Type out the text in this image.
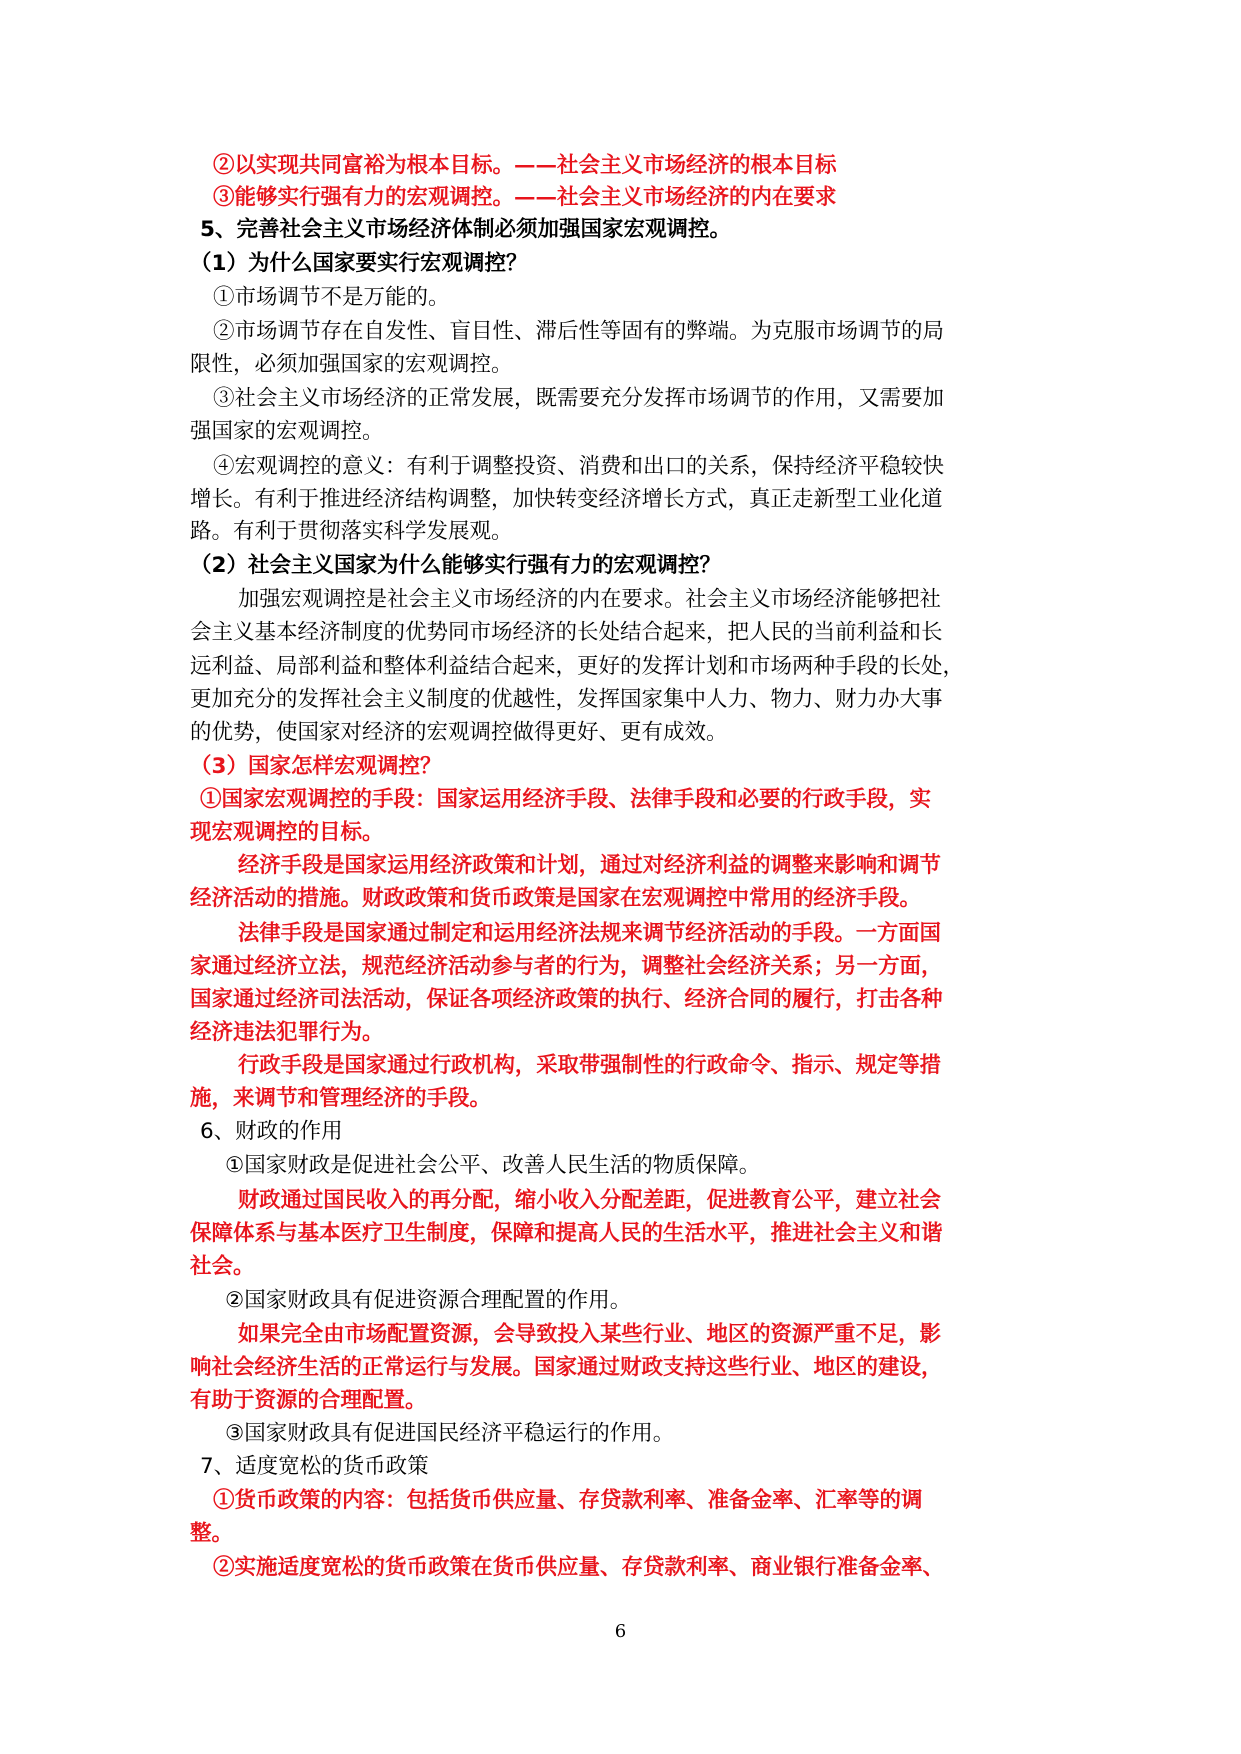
②以实现共同富裕为根本目标。——社会主义市场经济的根本目标

③能够实行强有力的宏观调控。——社会主义市场经济的内在要求

5、完善社会主义市场经济体制必须加强国家宏观调控。

（1）为什么国家要实行宏观调控？

①市场调节不是万能的。

②市场调节存在自发性、盲目性、滞后性等固有的弊端。为克服市场调节的局

限性，必须加强国家的宏观调控。

③社会主义市场经济的正常发展，既需要充分发挥市场调节的作用，又需要加

强国家的宏观调控。

④宏观调控的意义：有利于调整投资、消费和出口的关系，保持经济平稳较快

增长。有利于推进经济结构调整，加快转变经济增长方式，真正走新型工业化道

路。有利于贯彻落实科学发展观。

（2）社会主义国家为什么能够实行强有力的宏观调控？

加强宏观调控是社会主义市场经济的内在要求。社会主义市场经济能够把社

会主义基本经济制度的优势同市场经济的长处结合起来，把人民的当前利益和长

远利益、局部利益和整体利益结合起来，更好的发挥计划和市场两种手段的长处，

更加充分的发挥社会主义制度的优越性，发挥国家集中人力、物力、财力办大事

的优势，使国家对经济的宏观调控做得更好、更有成效。

（3）国家怎样宏观调控？

①国家宏观调控的手段：国家运用经济手段、法律手段和必要的行政手段，实

现宏观调控的目标。

经济手段是国家运用经济政策和计划，通过对经济利益的调整来影响和调节

经济活动的措施。财政政策和货币政策是国家在宏观调控中常用的经济手段。

法律手段是国家通过制定和运用经济法规来调节经济活动的手段。一方面国

家通过经济立法，规范经济活动参与者的行为，调整社会经济关系；另一方面，

国家通过经济司法活动，保证各项经济政策的执行、经济合同的履行，打击各种

经济违法犯罪行为。

行政手段是国家通过行政机构，采取带强制性的行政命令、指示、规定等措

施，来调节和管理经济的手段。

6、财政的作用

①国家财政是促进社会公平、改善人民生活的物质保障。

财政通过国民收入的再分配，缩小收入分配差距，促进教育公平，建立社会

保障体系与基本医疗卫生制度，保障和提高人民的生活水平，推进社会主义和谐

社会。

②国家财政具有促进资源合理配置的作用。

如果完全由市场配置资源，会导致投入某些行业、地区的资源严重不足，影

响社会经济生活的正常运行与发展。国家通过财政支持这些行业、地区的建设，

有助于资源的合理配置。

③国家财政具有促进国民经济平稳运行的作用。

7、适度宽松的货币政策

①货币政策的内容：包括货币供应量、存贷款利率、准备金率、汇率等的调

整。

②实施适度宽松的货币政策在货币供应量、存贷款利率、商业银行准备金率、

6
